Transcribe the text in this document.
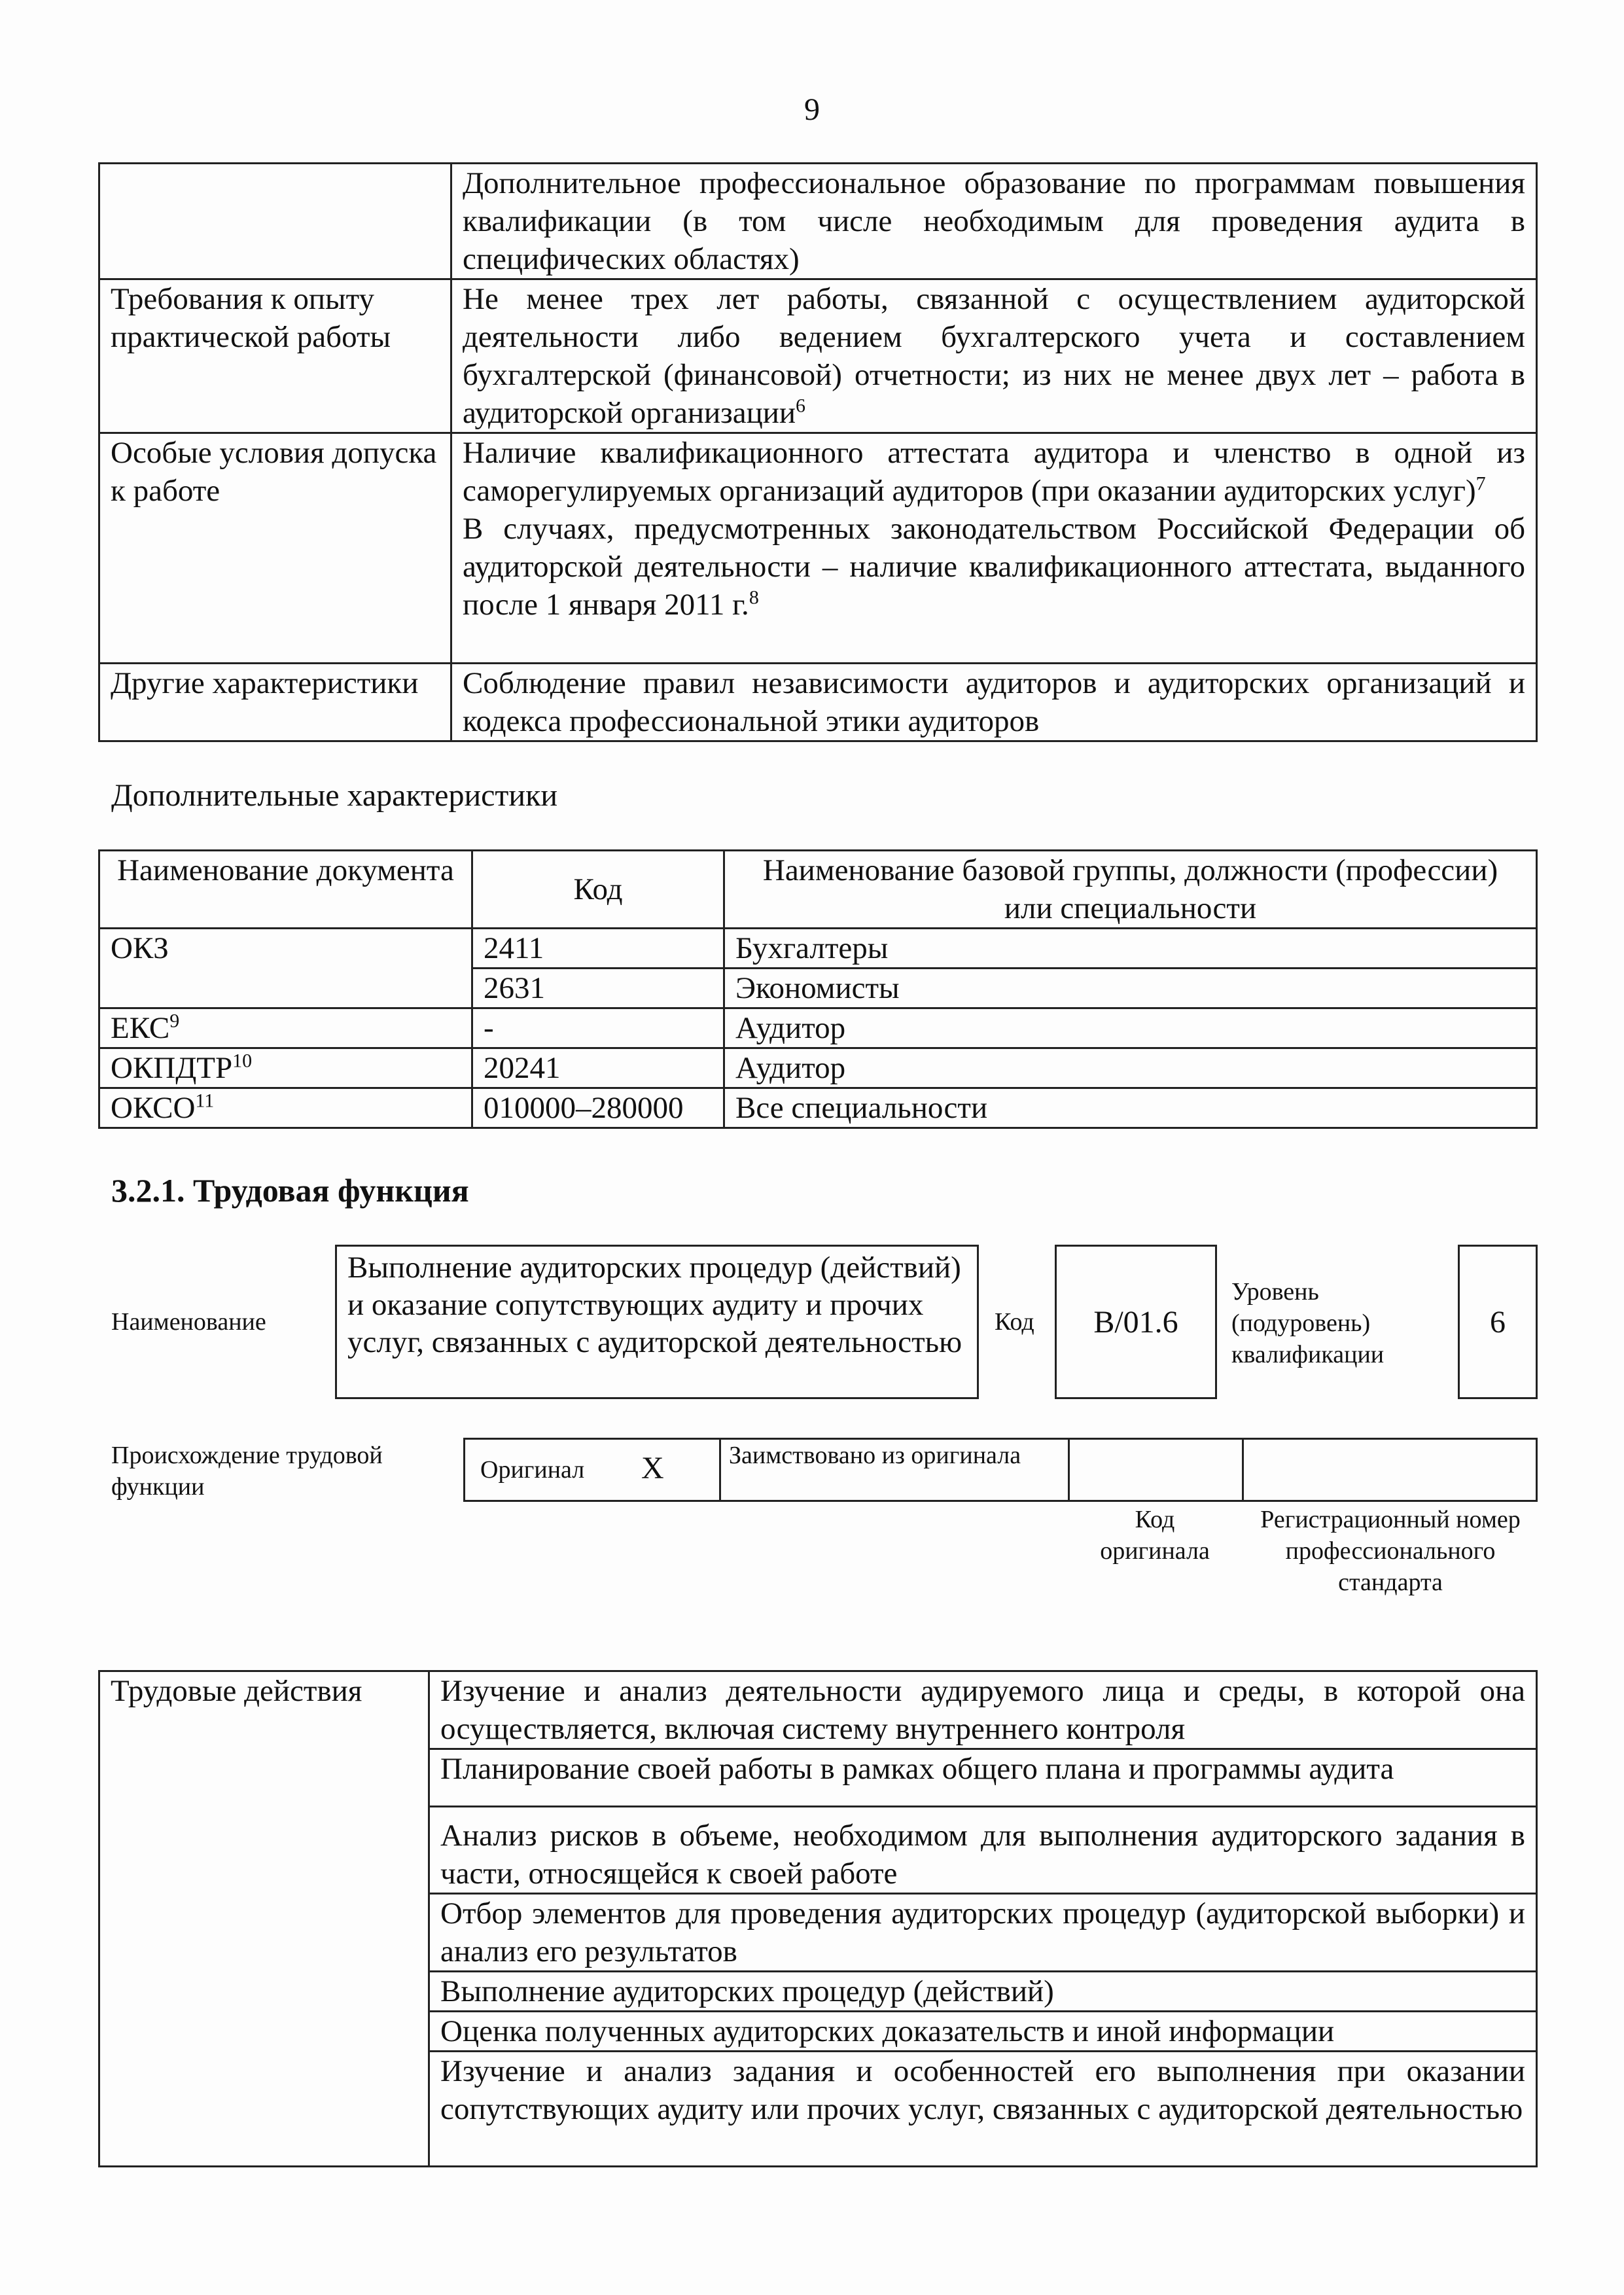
9
	Дополнительное профессиональное образование по программам повышения квалификации (в том числе необходимым для проведения аудита в специфических областях)
Требования к опыту практической работы	Не менее трех лет работы, связанной с осуществлением аудиторской деятельности либо ведением бухгалтерского учета и составлением бухгалтерской (финансовой) отчетности; из них не менее двух лет – работа в аудиторской организации$^6$
Особые условия допуска к работе	Наличие квалификационного аттестата аудитора и членство в одной из саморегулируемых организаций аудиторов (при оказании аудиторских услуг)$^7$
В случаях, предусмотренных законодательством Российской Федерации об аудиторской деятельности – наличие квалификационного аттестата, выданного после 1 января 2011 г.$^8$

Другие характеристики	Соблюдение правил независимости аудиторов и аудиторских организаций и кодекса профессиональной этики аудиторов
Дополнительные характеристики
Наименование документа	Код	Наименование базовой группы, должности (профессии) или специальности
ОКЗ	2411	Бухгалтеры
	2631	Экономисты
ЕКС$^9$	-	Аудитор
ОКПДТР$^{10}$	20241	Аудитор
ОКСО$^{11}$	010000–280000	Все специальности
3.2.1. Трудовая функция
Наименование
Выполнение аудиторских процедур (действий) и оказание сопутствующих аудиту и прочих услуг, связанных с аудиторской деятельностью
Код B/01.6
Уровень (подуровень) квалификации
6
Происхождение трудовой функции
Оригинал X	Заимствовано из оригинала
Код оригинала
Регистрационный номер профессионального стандарта
Трудовые действия	Изучение и анализ деятельности аудируемого лица и среды, в которой она осуществляется, включая систему внутреннего контроля
Планирование своей работы в рамках общего плана и программы аудита

Анализ рисков в объеме, необходимом для выполнения аудиторского задания в части, относящейся к своей работе

Отбор элементов для проведения аудиторских процедур (аудиторской выборки) и анализ его результатов
Выполнение аудиторских процедур (действий)
Оценка полученных аудиторских доказательств и иной информации
Изучение и анализ задания и особенностей его выполнения при оказании сопутствующих аудиту или прочих услуг, связанных с аудиторской деятельностью
